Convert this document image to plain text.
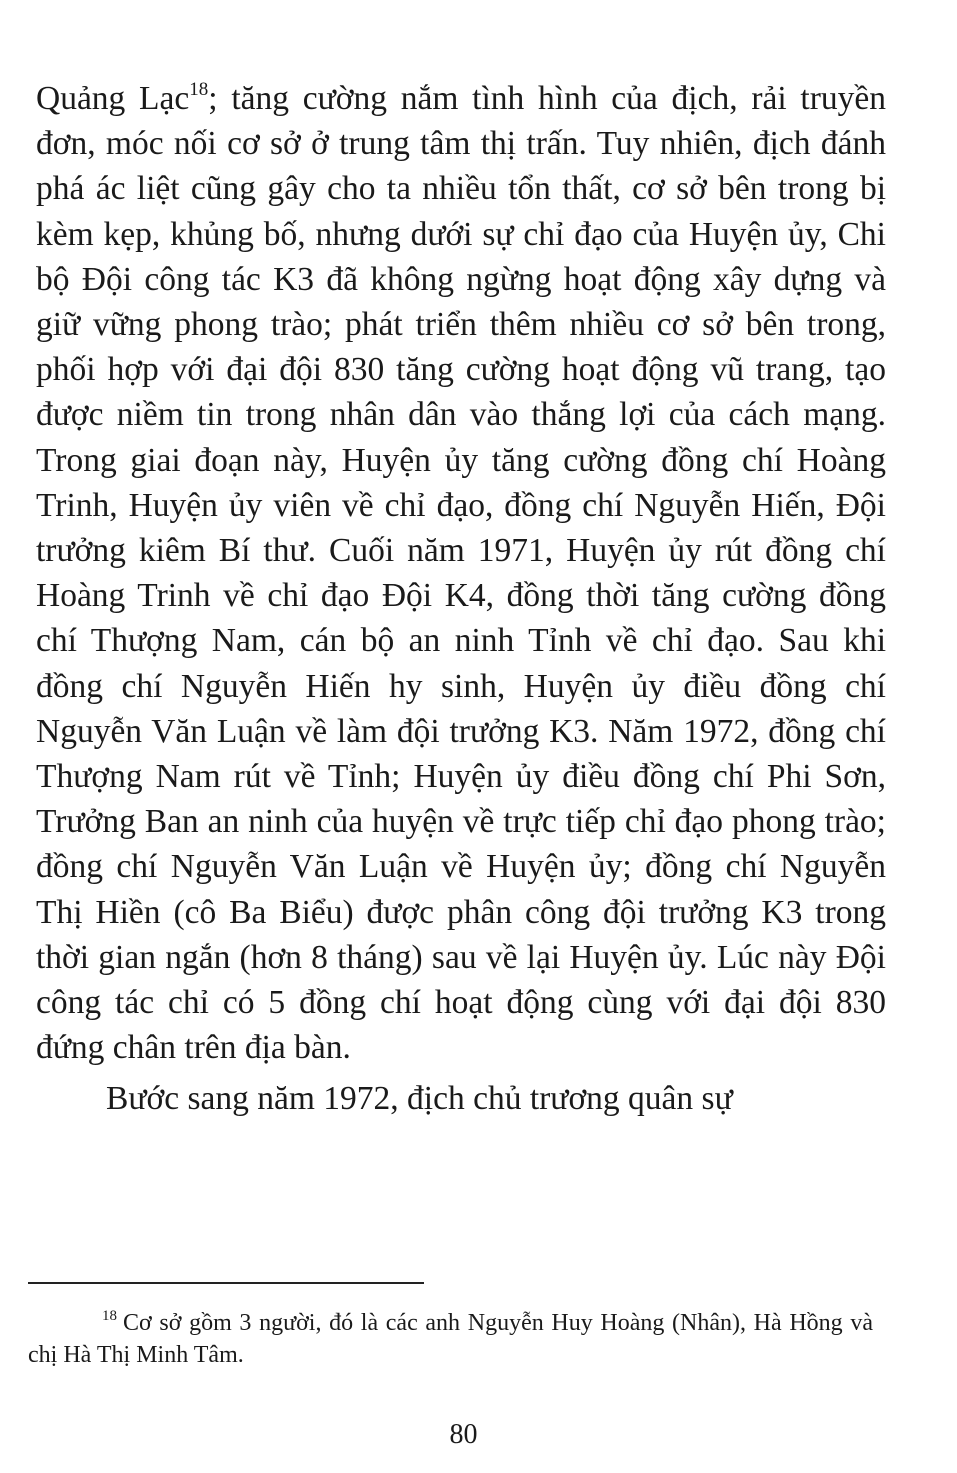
Quảng Lạc$^{18}$; tăng cường nắm tình hình của địch, rải truyền đơn, móc nối cơ sở ở trung tâm thị trấn. Tuy nhiên, địch đánh phá ác liệt cũng gây cho ta nhiều tổn thất, cơ sở bên trong bị kèm kẹp, khủng bố, nhưng dưới sự chỉ đạo của Huyện ủy, Chi bộ Đội công tác K3 đã không ngừng hoạt động xây dựng và giữ vững phong trào; phát triển thêm nhiều cơ sở bên trong, phối hợp với đại đội 830 tăng cường hoạt động vũ trang, tạo được niềm tin trong nhân dân vào thắng lợi của cách mạng. Trong giai đoạn này, Huyện ủy tăng cường đồng chí Hoàng Trinh, Huyện ủy viên về chỉ đạo, đồng chí Nguyễn Hiến, Đội trưởng kiêm Bí thư. Cuối năm 1971, Huyện ủy rút đồng chí Hoàng Trinh về chỉ đạo Đội K4, đồng thời tăng cường đồng chí Thượng Nam, cán bộ an ninh Tỉnh về chỉ đạo. Sau khi đồng chí Nguyễn Hiến hy sinh, Huyện ủy điều đồng chí Nguyễn Văn Luận về làm đội trưởng K3. Năm 1972, đồng chí Thượng Nam rút về Tỉnh; Huyện ủy điều đồng chí Phi Sơn, Trưởng Ban an ninh của huyện về trực tiếp chỉ đạo phong trào; đồng chí Nguyễn Văn Luận về Huyện ủy; đồng chí Nguyễn Thị Hiền (cô Ba Biểu) được phân công đội trưởng K3 trong thời gian ngắn (hơn 8 tháng) sau về lại Huyện ủy. Lúc này Đội công tác chỉ có 5 đồng chí hoạt động cùng với đại đội 830 đứng chân trên địa bàn.

Bước sang năm 1972, địch chủ trương quân sự

$^{18}$ Cơ sở gồm 3 người, đó là các anh Nguyễn Huy Hoàng (Nhân), Hà Hồng và chị Hà Thị Minh Tâm.

80
